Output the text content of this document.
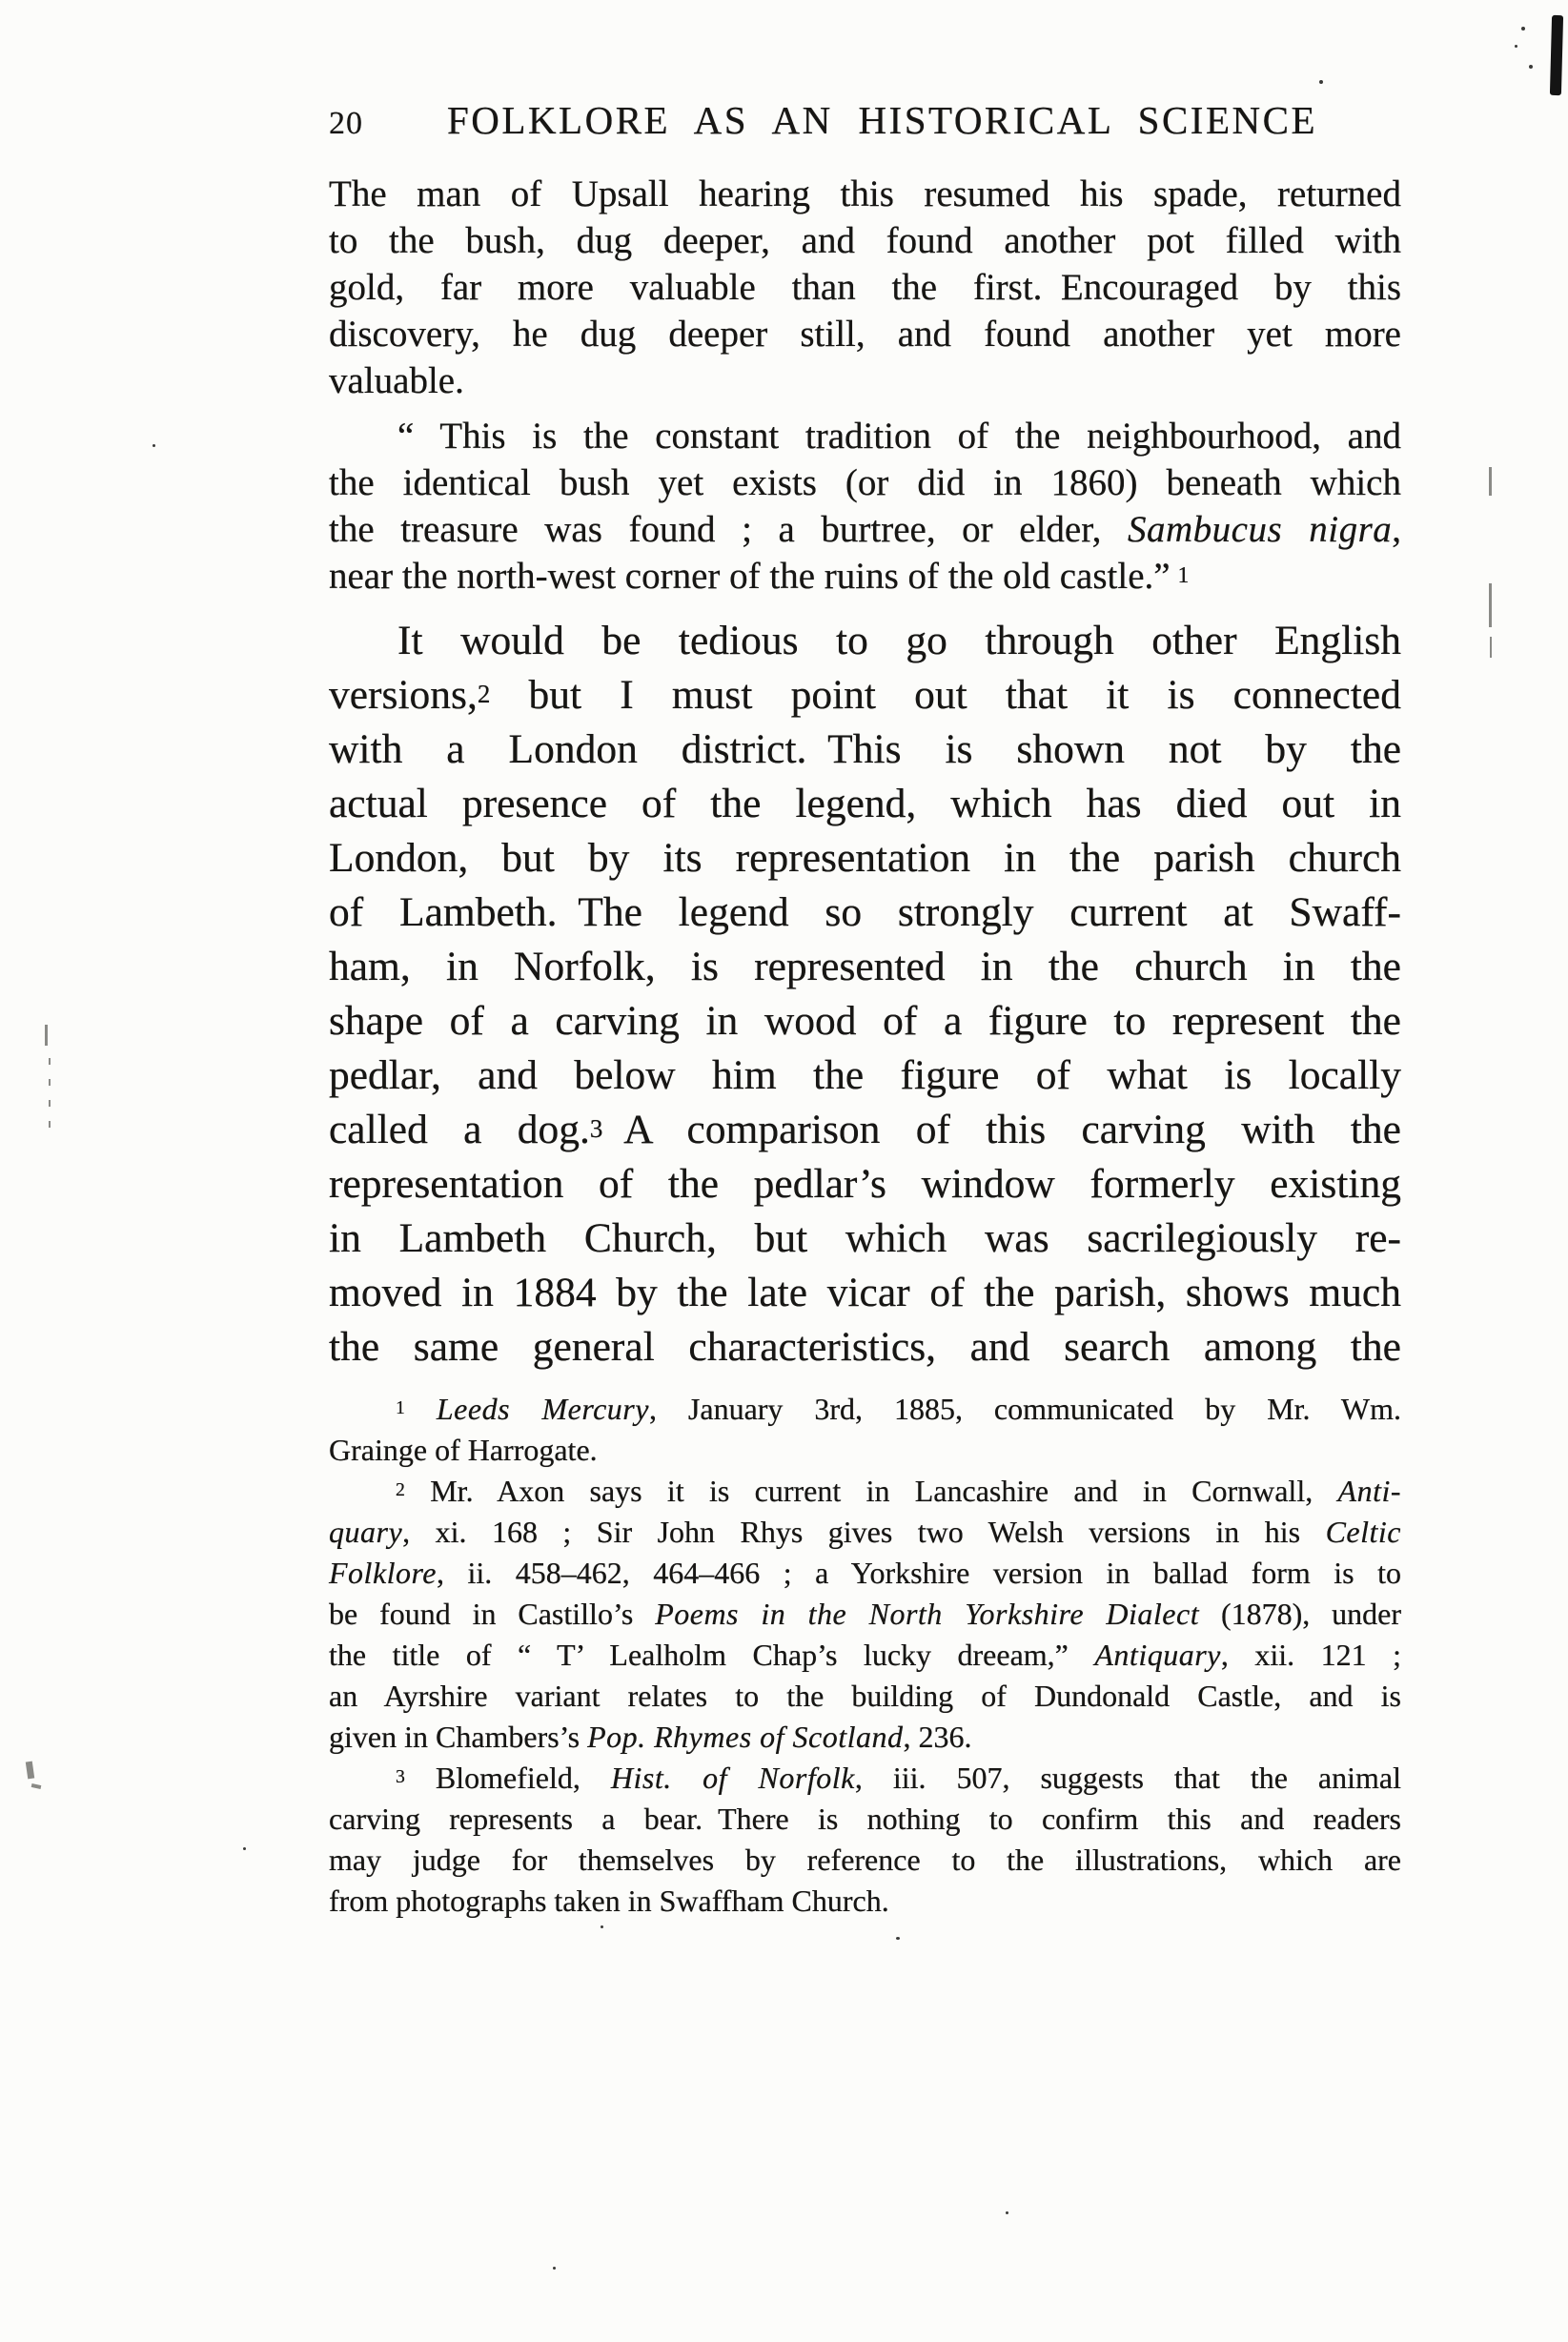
20	FOLKLORE AS AN HISTORICAL SCIENCE
The man of Upsall hearing this resumed his spade, returned
to the bush, dug deeper, and found another pot filled with
gold, far more valuable than the first. Encouraged by this
discovery, he dug deeper still, and found another yet more
valuable.
“ This is the constant tradition of the neighbourhood, and
the identical bush yet exists (or did in 1860) beneath which
the treasure was found ; a burtree, or elder, Sambucus nigra,
near the north-west corner of the ruins of the old castle.” $^1$
It would be tedious to go through other English
versions,$^2$ but I must point out that it is connected
with a London district. This is shown not by the
actual presence of the legend, which has died out in
London, but by its representation in the parish church
of Lambeth. The legend so strongly current at Swaff-
ham, in Norfolk, is represented in the church in the
shape of a carving in wood of a figure to represent the
pedlar, and below him the figure of what is locally
called a dog.$^3$ A comparison of this carving with the
representation of the pedlar’s window formerly existing
in Lambeth Church, but which was sacrilegiously re-
moved in 1884 by the late vicar of the parish, shows much
the same general characteristics, and search among the
$^1$ Leeds Mercury, January 3rd, 1885, communicated by Mr. Wm.
Grainge of Harrogate.
$^2$ Mr. Axon says it is current in Lancashire and in Cornwall, Anti-
quary, xi. 168 ; Sir John Rhys gives two Welsh versions in his Celtic
Folklore, ii. 458–462, 464–466 ; a Yorkshire version in ballad form is to
be found in Castillo’s Poems in the North Yorkshire Dialect (1878), under
the title of “ T’ Lealholm Chap’s lucky dreeam,” Antiquary, xii. 121 ;
an Ayrshire variant relates to the building of Dundonald Castle, and is
given in Chambers’s Pop. Rhymes of Scotland, 236.
$^3$ Blomefield, Hist. of Norfolk, iii. 507, suggests that the animal
carving represents a bear. There is nothing to confirm this and readers
may judge for themselves by reference to the illustrations, which are
from photographs taken in Swaffham Church.
